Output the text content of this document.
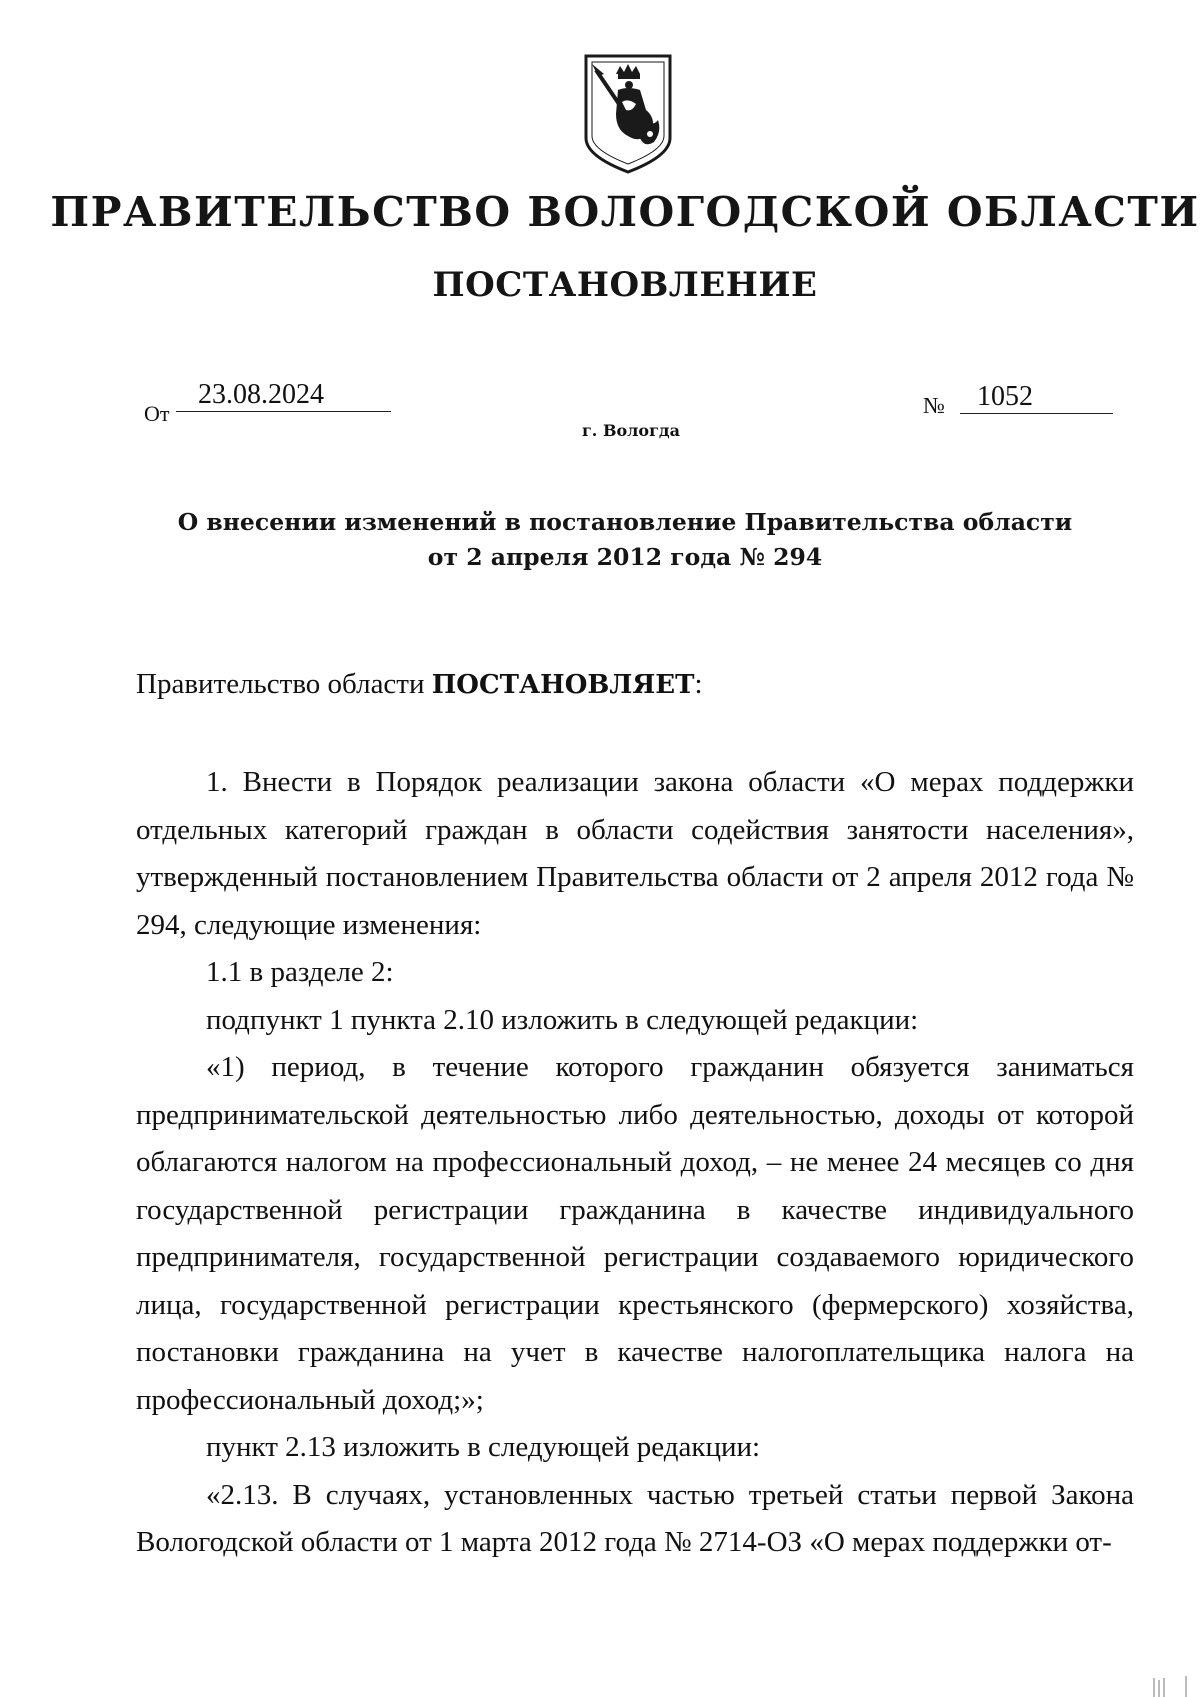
ПРАВИТЕЛЬСТВО ВОЛОГОДСКОЙ ОБЛАСТИ
ПОСТАНОВЛЕНИЕ
От
23.08.2024	№	1052
г. Вологда
О внесении изменений в постановление Правительства области
от 2 апреля 2012 года № 294
Правительство области ПОСТАНОВЛЯЕТ:

1. Внести в Порядок реализации закона области «О мерах поддержки отдельных категорий граждан в области содействия занятости населения», утвержденный постановлением Правительства области от 2 апреля 2012 года № 294, следующие изменения:

1.1 в разделе 2:

подпункт 1 пункта 2.10 изложить в следующей редакции:

«1) период, в течение которого гражданин обязуется заниматься предпринимательской деятельностью либо деятельностью, доходы от которой облагаются налогом на профессиональный доход, – не менее 24 месяцев со дня государственной регистрации гражданина в качестве индивидуального предпринимателя, государственной регистрации создаваемого юридического лица, государственной регистрации крестьянского (фермерского) хозяйства, постановки гражданина на учет в качестве налогоплательщика налога на профессиональный доход;»;

пункт 2.13 изложить в следующей редакции:

«2.13. В случаях, установленных частью третьей статьи первой Закона Вологодской области от 1 марта 2012 года № 2714-ОЗ «О мерах поддержки от-
